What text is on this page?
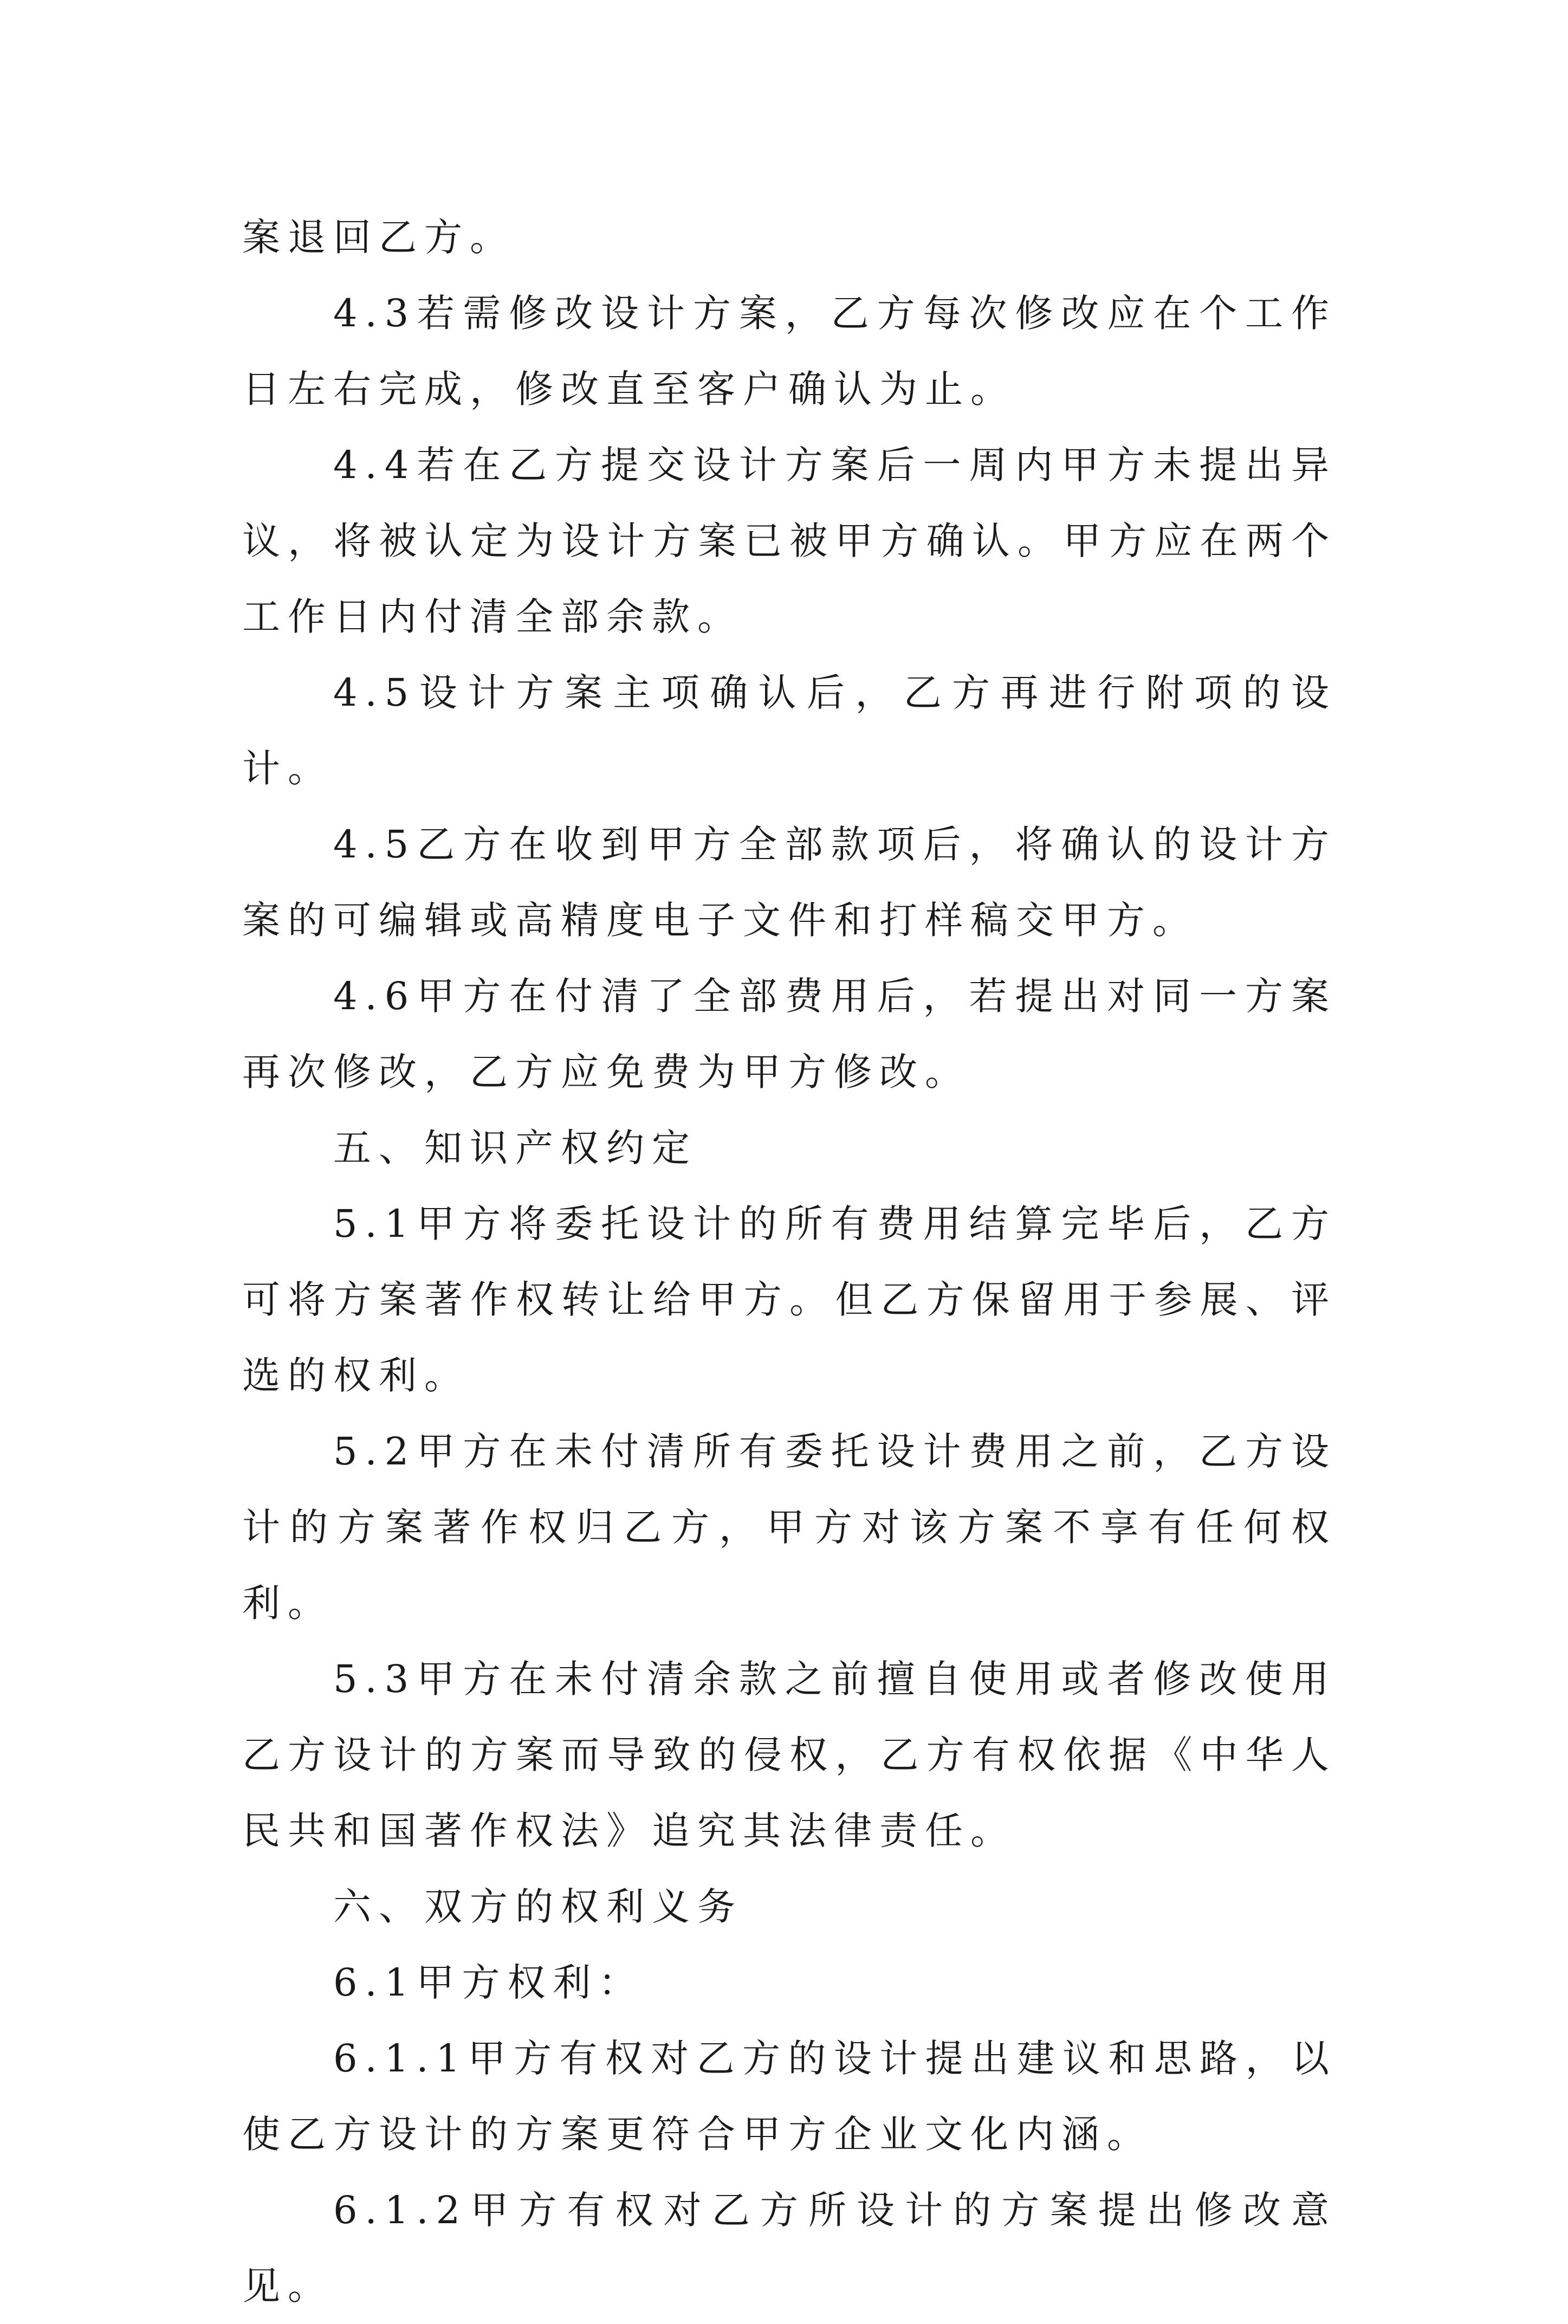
案退回乙方。

4.3若需修改设计方案，乙方每次修改应在个工作日左右完成，修改直至客户确认为止。

4.4若在乙方提交设计方案后一周内甲方未提出异议，将被认定为设计方案已被甲方确认。甲方应在两个工作日内付清全部余款。

4.5设计方案主项确认后，乙方再进行附项的设计。

4.5乙方在收到甲方全部款项后，将确认的设计方案的可编辑或高精度电子文件和打样稿交甲方。

4.6甲方在付清了全部费用后，若提出对同一方案再次修改，乙方应免费为甲方修改。

五、知识产权约定

5.1甲方将委托设计的所有费用结算完毕后，乙方可将方案著作权转让给甲方。但乙方保留用于参展、评选的权利。

5.2甲方在未付清所有委托设计费用之前，乙方设计的方案著作权归乙方，甲方对该方案不享有任何权利。

5.3甲方在未付清余款之前擅自使用或者修改使用乙方设计的方案而导致的侵权，乙方有权依据《中华人民共和国著作权法》追究其法律责任。

六、双方的权利义务

6.1甲方权利：

6.1.1甲方有权对乙方的设计提出建议和思路，以使乙方设计的方案更符合甲方企业文化内涵。

6.1.2甲方有权对乙方所设计的方案提出修改意见。
